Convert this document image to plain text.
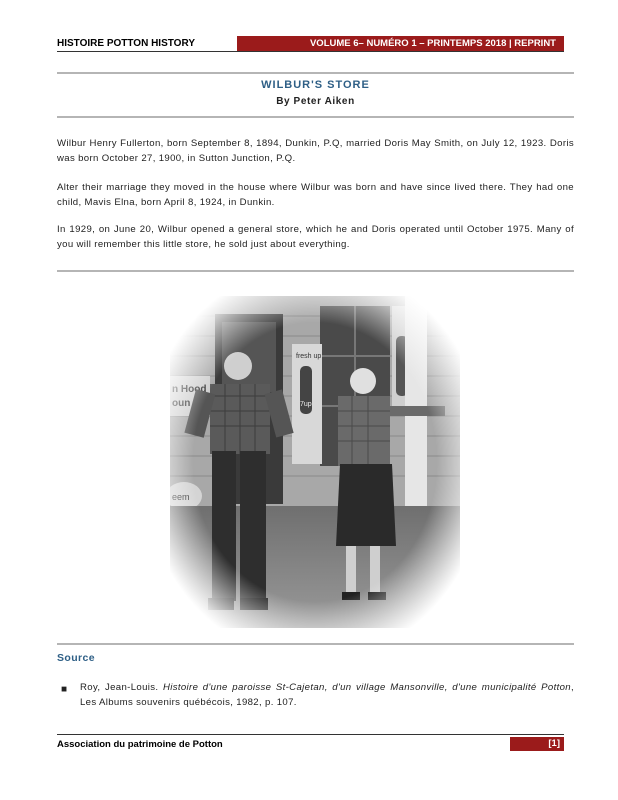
HISTOIRE POTTON HISTORY	VOLUME 6– NUMÉRO 1 – PRINTEMPS 2018 | REPRINT
WILBUR'S STORE
By Peter Aiken

Wilbur Henry Fullerton, born September 8, 1894, Dunkin, P.Q, married Doris May Smith, on July 12, 1923. Doris was born October 27, 1900, in Sutton Junction, P.Q.

Alter their marriage they moved in the house where Wilbur was born and have since lived there. They had one child, Mavis Elna, born April 8, 1924, in Dunkin.

In 1929, on June 20, Wilbur opened a general store, which he and Doris operated until October 1975. Many of you will remember this little store, he sold just about everything.

Source
■ Roy, Jean-Louis. Histoire d'une paroisse St-Cajetan, d'un village Mansonville, d'une municipalité Potton, Les Albums souvenirs québécois, 1982, p. 107.

Association du patrimoine de Potton	[1]
